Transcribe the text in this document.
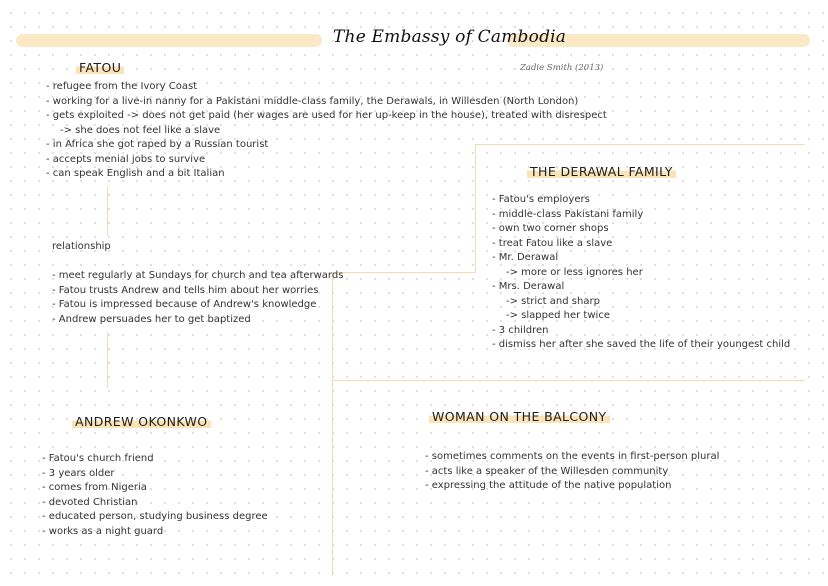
The Embassy of Cambodia
Zadie Smith (2013)
FATOU
- refugee from the Ivory Coast
- working for a live-in nanny for a Pakistani middle-class family, the Derawals, in Willesden (North London)
- gets exploited -> does not get paid (her wages are used for her up-keep in the house), treated with disrespect
-> she does not feel like a slave
- in Africa she got raped by a Russian tourist
- accepts menial jobs to survive
- can speak English and a bit Italian
relationship
- meet regularly at Sundays for church and tea afterwards
- Fatou trusts Andrew and tells him about her worries
- Fatou is impressed because of Andrew's knowledge
- Andrew persuades her to get baptized
THE DERAWAL FAMILY
- Fatou's employers
- middle-class Pakistani family
- own two corner shops
- treat Fatou like a slave
- Mr. Derawal
-> more or less ignores her
- Mrs. Derawal
-> strict and sharp
-> slapped her twice
- 3 children
- dismiss her after she saved the life of their youngest child
ANDREW OKONKWO
- Fatou's church friend
- 3 years older
- comes from Nigeria
- devoted Christian
- educated person, studying business degree
- works as a night guard
WOMAN ON THE BALCONY
- sometimes comments on the events in first-person plural
- acts like a speaker of the Willesden community
- expressing the attitude of the native population
